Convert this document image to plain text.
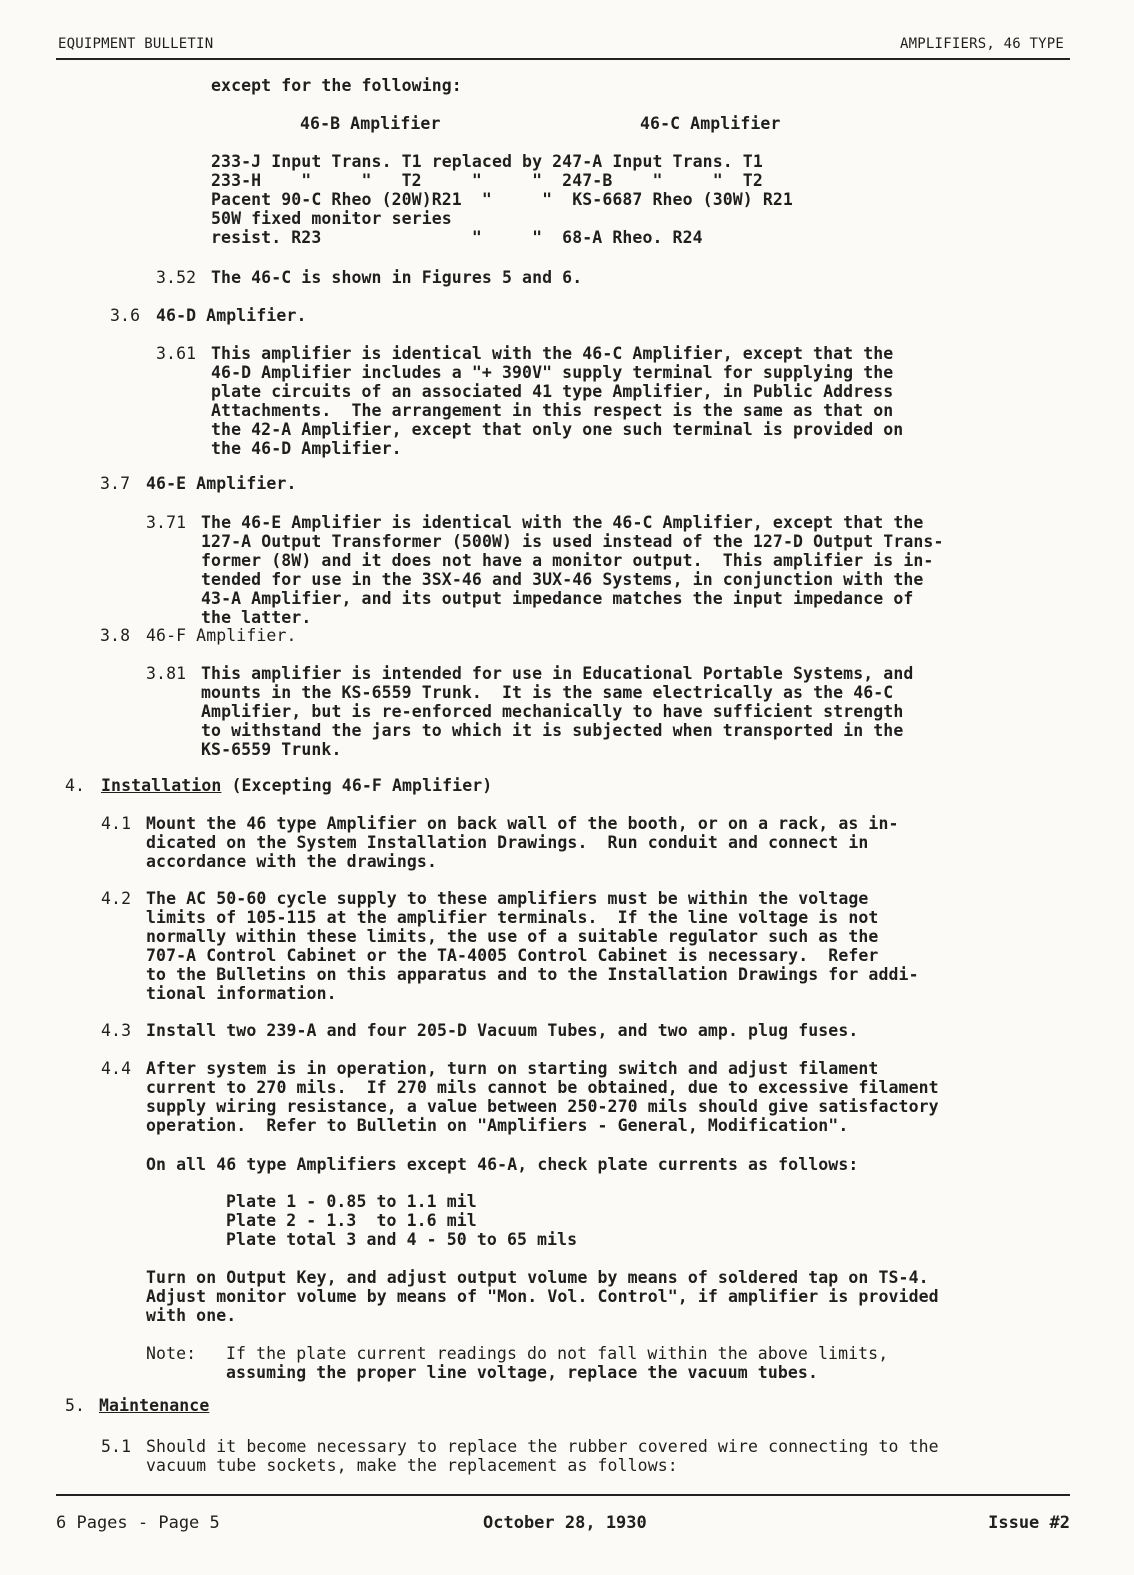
EQUIPMENT BULLETIN	AMPLIFIERS, 46 TYPE
except for the following:
46-B Amplifier	46-C Amplifier
233-J Input Trans. T1 replaced by 247-A Input Trans. T1
233-H    "     "   T2     "     "  247-B    "     "  T2
Pacent 90-C Rheo (20W)R21  "     "  KS-6687 Rheo (30W) R21
50W fixed monitor series
resist. R23               "     "  68-A Rheo. R24
3.52 The 46-C is shown in Figures 5 and 6.
3.6 46-D Amplifier.
3.61 This amplifier is identical with the 46-C Amplifier, except that the
46-D Amplifier includes a "+ 390V" supply terminal for supplying the
plate circuits of an associated 41 type Amplifier, in Public Address
Attachments.  The arrangement in this respect is the same as that on
the 42-A Amplifier, except that only one such terminal is provided on
the 46-D Amplifier.
3.7 46-E Amplifier.
3.71 The 46-E Amplifier is identical with the 46-C Amplifier, except that the
127-A Output Transformer (500W) is used instead of the 127-D Output Trans-
former (8W) and it does not have a monitor output.  This amplifier is in-
tended for use in the 3SX-46 and 3UX-46 Systems, in conjunction with the
43-A Amplifier, and its output impedance matches the input impedance of
the latter.
3.8 46-F Amplifier.
3.81 This amplifier is intended for use in Educational Portable Systems, and
mounts in the KS-6559 Trunk.  It is the same electrically as the 46-C
Amplifier, but is re-enforced mechanically to have sufficient strength
to withstand the jars to which it is subjected when transported in the
KS-6559 Trunk.
4. Installation (Excepting 46-F Amplifier)
4.1 Mount the 46 type Amplifier on back wall of the booth, or on a rack, as in-
dicated on the System Installation Drawings.  Run conduit and connect in
accordance with the drawings.
4.2 The AC 50-60 cycle supply to these amplifiers must be within the voltage
limits of 105-115 at the amplifier terminals.  If the line voltage is not
normally within these limits, the use of a suitable regulator such as the
707-A Control Cabinet or the TA-4005 Control Cabinet is necessary.  Refer
to the Bulletins on this apparatus and to the Installation Drawings for addi-
tional information.
4.3 Install two 239-A and four 205-D Vacuum Tubes, and two amp. plug fuses.
4.4 After system is in operation, turn on starting switch and adjust filament
current to 270 mils.  If 270 mils cannot be obtained, due to excessive filament
supply wiring resistance, a value between 250-270 mils should give satisfactory
operation.  Refer to Bulletin on "Amplifiers - General, Modification".
On all 46 type Amplifiers except 46-A, check plate currents as follows:
Plate 1 - 0.85 to 1.1 mil
Plate 2 - 1.3  to 1.6 mil
Plate total 3 and 4 - 50 to 65 mils
Turn on Output Key, and adjust output volume by means of soldered tap on TS-4.
Adjust monitor volume by means of "Mon. Vol. Control", if amplifier is provided
with one.
Note: If the plate current readings do not fall within the above limits,
assuming the proper line voltage, replace the vacuum tubes.
5. Maintenance
5.1 Should it become necessary to replace the rubber covered wire connecting to the
vacuum tube sockets, make the replacement as follows:
6 Pages - Page 5	October 28, 1930	Issue #2
